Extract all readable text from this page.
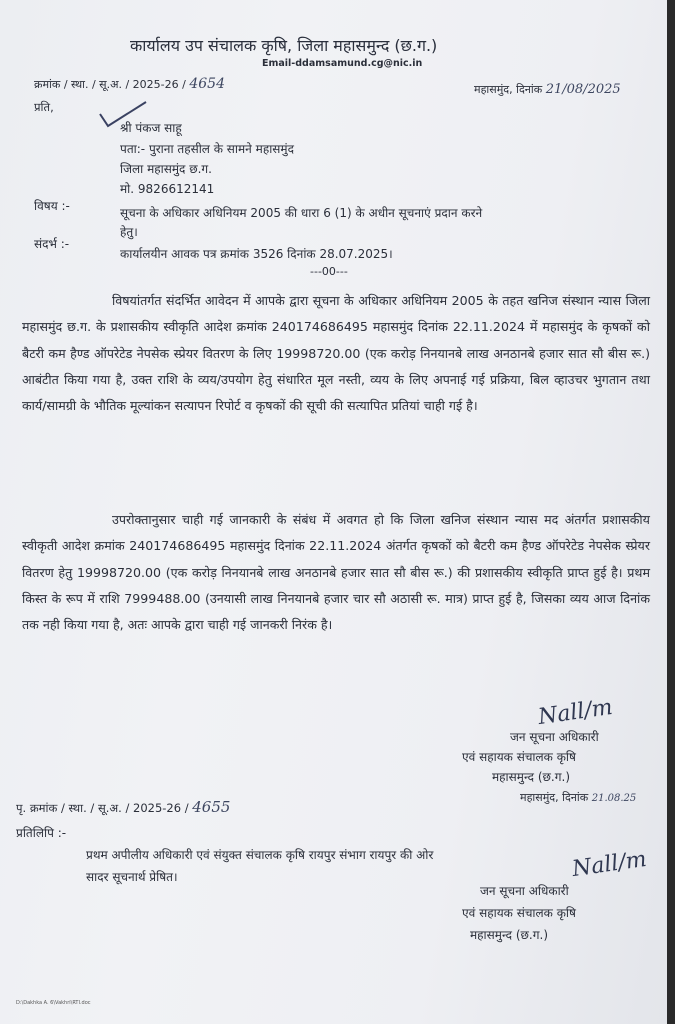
कार्यालय उप संचालक कृषि, जिला महासमुन्द (छ.ग.)
Email-ddamsamund.cg@nic.in
क्रमांक / स्था. / सू.अ. / 2025-26 / 4654	महासमुंद, दिनांक 21/08/2025
प्रति,
श्री पंकज साहू
पता:- पुराना तहसील के सामने महासमुंद
जिला महासमुंद छ.ग.
मो. 9826612141
विषय :-	सूचना के अधिकार अधिनियम 2005 की धारा 6 (1) के अधीन सूचनाएं प्रदान करने
हेतु।
संदर्भ :-
कार्यालयीन आवक पत्र क्रमांक 3526 दिनांक 28.07.2025।
---00---
विषयांतर्गत संदर्भित आवेदन में आपके द्वारा सूचना के अधिकार अधिनियम 2005 के तहत खनिज संस्थान न्यास जिला महासमुंद छ.ग. के प्रशासकीय स्वीकृति आदेश क्रमांक 240174686495 महासमुंद दिनांक 22.11.2024 में महासमुंद के कृषकों को बैटरी कम हैण्ड ऑपरेटेड नेपसेक स्प्रेयर वितरण के लिए 19998720.00 (एक करोड़ निनयानबे लाख अनठानबे हजार सात सौ बीस रू.) आबंटीत किया गया है, उक्त राशि के व्यय/उपयोग हेतु संधारित मूल नस्ती, व्यय के लिए अपनाई गई प्रक्रिया, बिल व्हाउचर भुगतान तथा कार्य/सामग्री के भौतिक मूल्यांकन सत्यापन रिपोर्ट व कृषकों की सूची की सत्यापित प्रतियां चाही गई है।
उपरोक्तानुसार चाही गई जानकारी के संबंध में अवगत हो कि जिला खनिज संस्थान न्यास मद अंतर्गत प्रशासकीय स्वीकृती आदेश क्रमांक 240174686495 महासमुंद दिनांक 22.11.2024 अंतर्गत कृषकों को बैटरी कम हैण्ड ऑपरेटेड नेपसेक स्प्रेयर वितरण हेतु 19998720.00 (एक करोड़ निनयानबे लाख अनठानबे हजार सात सौ बीस रू.) की प्रशासकीय स्वीकृति प्राप्त हुई है। प्रथम किस्त के रूप में राशि 7999488.00 (उनयासी लाख निनयानबे हजार चार सौ अठासी रू. मात्र) प्राप्त हुई है, जिसका व्यय आज दिनांक तक नही किया गया है, अतः आपके द्वारा चाही गई जानकरी निरंक है।
Nall/m
जन सूचना अधिकारी
एवं सहायक संचालक कृषि
महासमुन्द (छ.ग.)
पृ. क्रमांक / स्था. / सू.अ. / 2025-26 / 4655
महासमुंद, दिनांक 21.08.25
प्रतिलिपि :-
प्रथम अपीलीय अधिकारी एवं संयुक्त संचालक कृषि रायपुर संभाग रायपुर की ओर
सादर सूचनार्थ प्रेषित।	Nall/m
जन सूचना अधिकारी
एवं सहायक संचालक कृषि
महासमुन्द (छ.ग.)
D:\Dakhka A. 6\Vakhri\RTI.doc
